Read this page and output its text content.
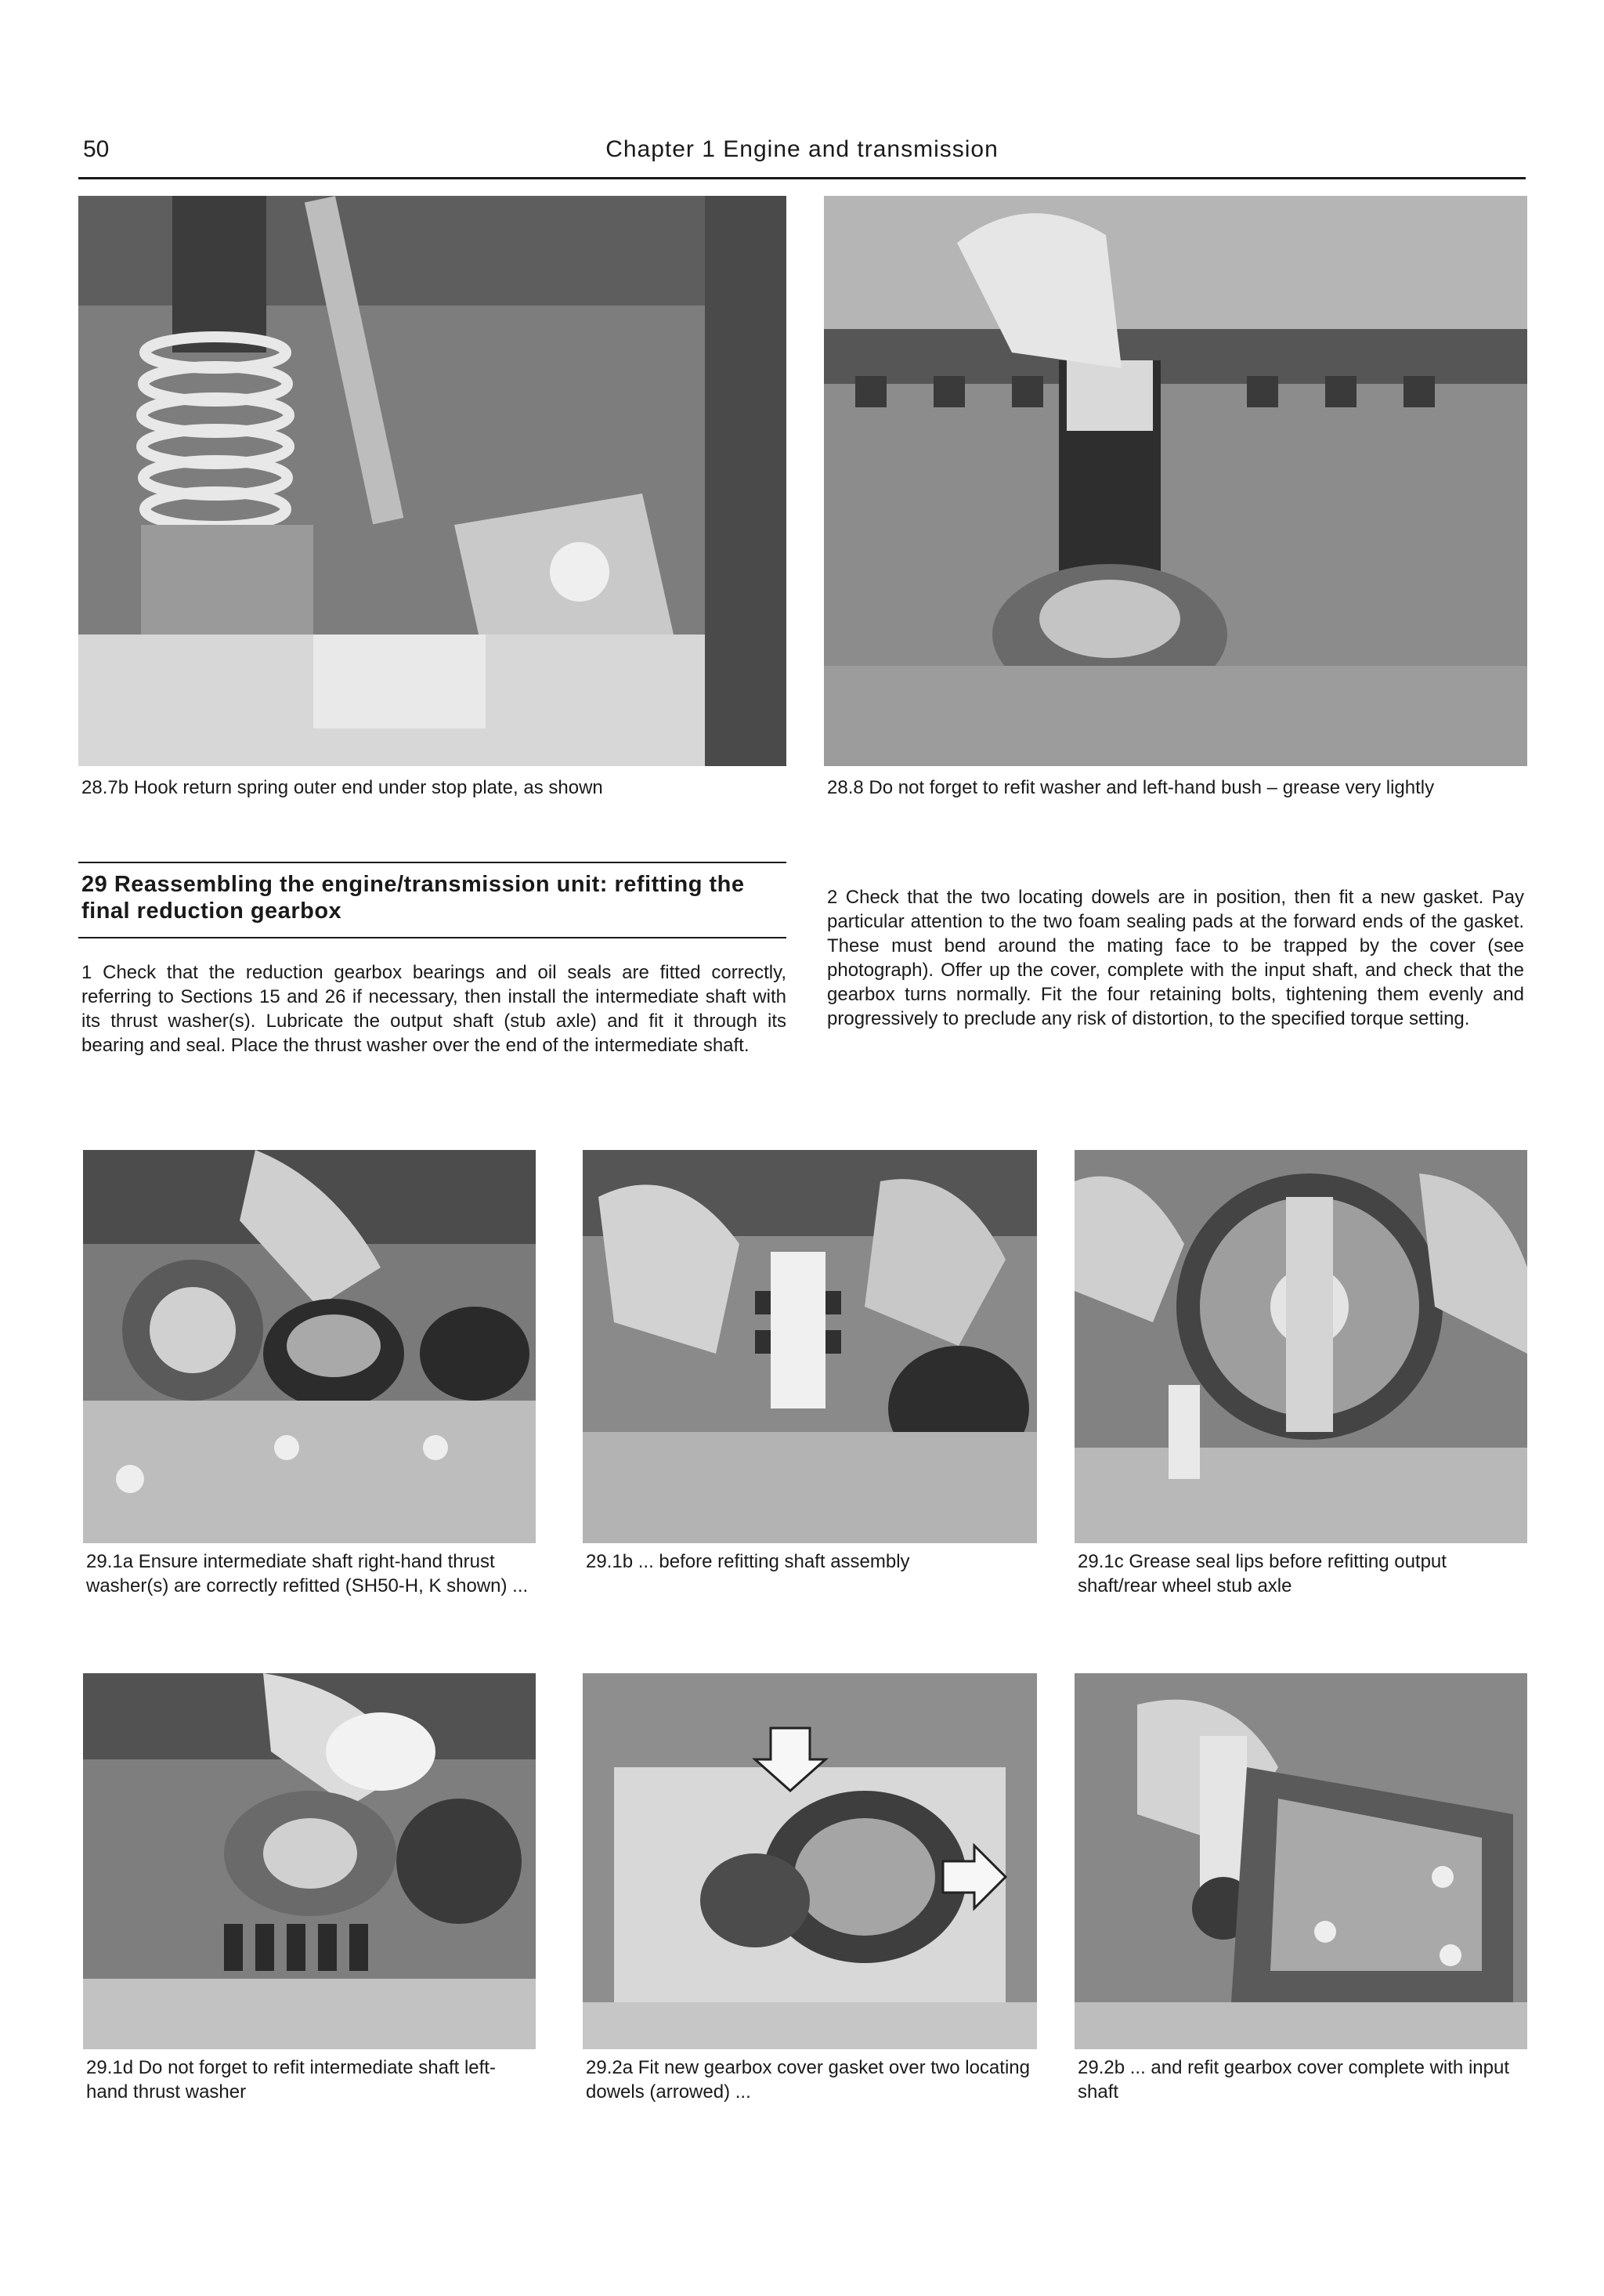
50	Chapter 1 Engine and transmission
28.7b Hook return spring outer end under stop plate, as shown	28.8 Do not forget to refit washer and left-hand bush – grease very lightly
29 Reassembling the engine/transmission unit: refitting the final reduction gearbox
1 Check that the reduction gearbox bearings and oil seals are fitted correctly, referring to Sections 15 and 26 if necessary, then install the intermediate shaft with its thrust washer(s). Lubricate the output shaft (stub axle) and fit it through its bearing and seal. Place the thrust washer over the end of the intermediate shaft.
2 Check that the two locating dowels are in position, then fit a new gasket. Pay particular attention to the two foam sealing pads at the forward ends of the gasket. These must bend around the mating face to be trapped by the cover (see photograph). Offer up the cover, complete with the input shaft, and check that the gearbox turns normally. Fit the four retaining bolts, tightening them evenly and progressively to preclude any risk of distortion, to the specified torque setting.
29.1a Ensure intermediate shaft right-hand thrust washer(s) are correctly refitted (SH50-H, K shown) ...
29.1b ... before refitting shaft assembly	29.1c Grease seal lips before refitting output shaft/rear wheel stub axle
29.1d Do not forget to refit intermediate shaft left-hand thrust washer
29.2a Fit new gearbox cover gasket over two locating dowels (arrowed) ...
29.2b ... and refit gearbox cover complete with input shaft
